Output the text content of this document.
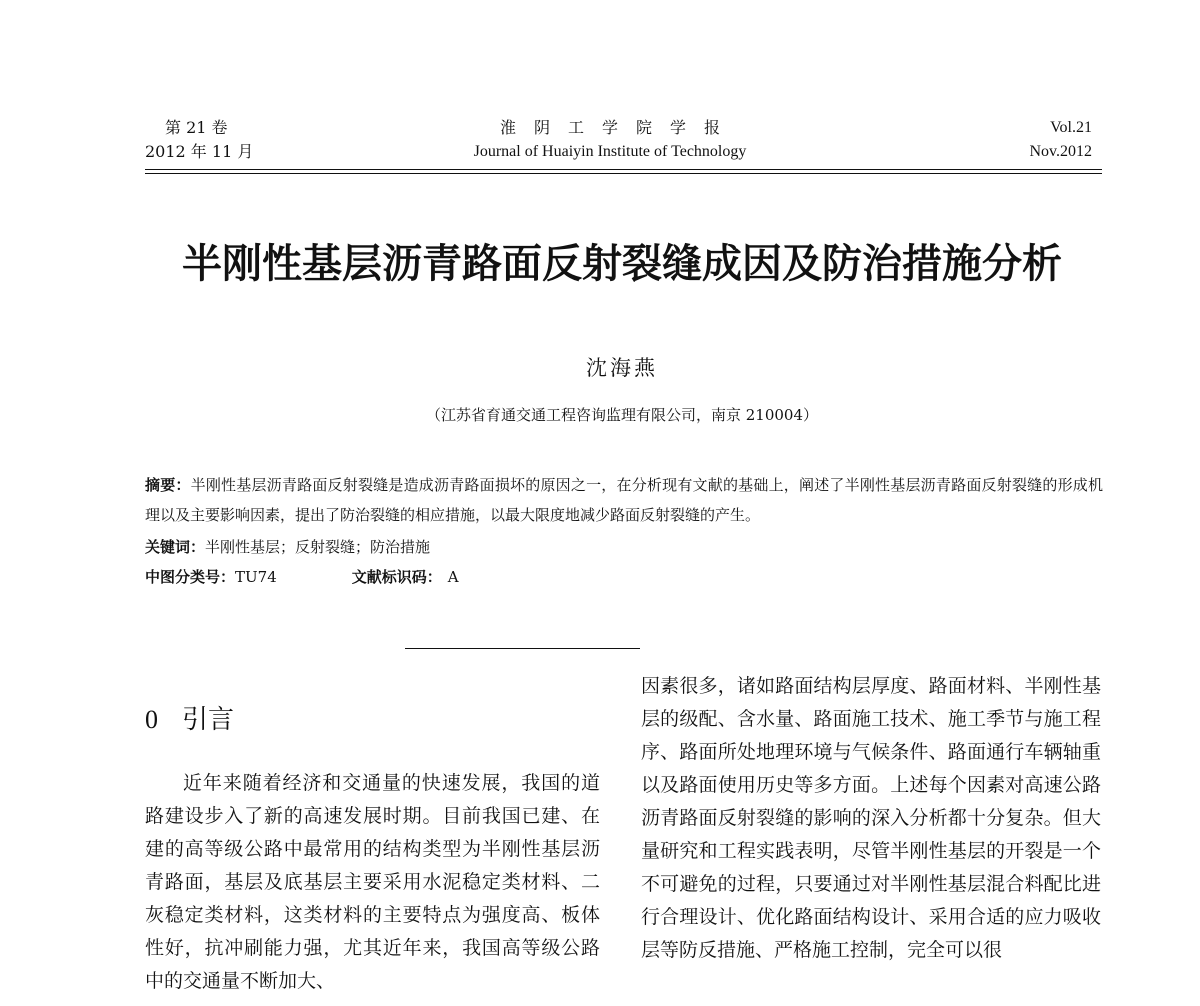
第 21 卷
2012 年 11 月
淮阴工学院学报
Journal of Huaiyin Institute of Technology
Vol.21
Nov.2012
半刚性基层沥青路面反射裂缝成因及防治措施分析
沈海燕
（江苏省育通交通工程咨询监理有限公司，南京 210004）
摘要：半刚性基层沥青路面反射裂缝是造成沥青路面损坏的原因之一，在分析现有文献的基础上，阐述了半刚性基层沥青路面反射裂缝的形成机理以及主要影响因素，提出了防治裂缝的相应措施，以最大限度地减少路面反射裂缝的产生。
关键词：半刚性基层；反射裂缝；防治措施
中图分类号：TU74	文献标识码： A
0 引言
近年来随着经济和交通量的快速发展，我国的道路建设步入了新的高速发展时期。目前我国已建、在建的高等级公路中最常用的结构类型为半刚性基层沥青路面，基层及底基层主要采用水泥稳定类材料、二灰稳定类材料，这类材料的主要特点为强度高、板体性好，抗冲刷能力强，尤其近年来，我国高等级公路中的交通量不断加大、
因素很多，诸如路面结构层厚度、路面材料、半刚性基层的级配、含水量、路面施工技术、施工季节与施工程序、路面所处地理环境与气候条件、路面通行车辆轴重以及路面使用历史等多方面。上述每个因素对高速公路沥青路面反射裂缝的影响的深入分析都十分复杂。但大量研究和工程实践表明，尽管半刚性基层的开裂是一个不可避免的过程，只要通过对半刚性基层混合料配比进行合理设计、优化路面结构设计、采用合适的应力吸收层等防反措施、严格施工控制，完全可以很
